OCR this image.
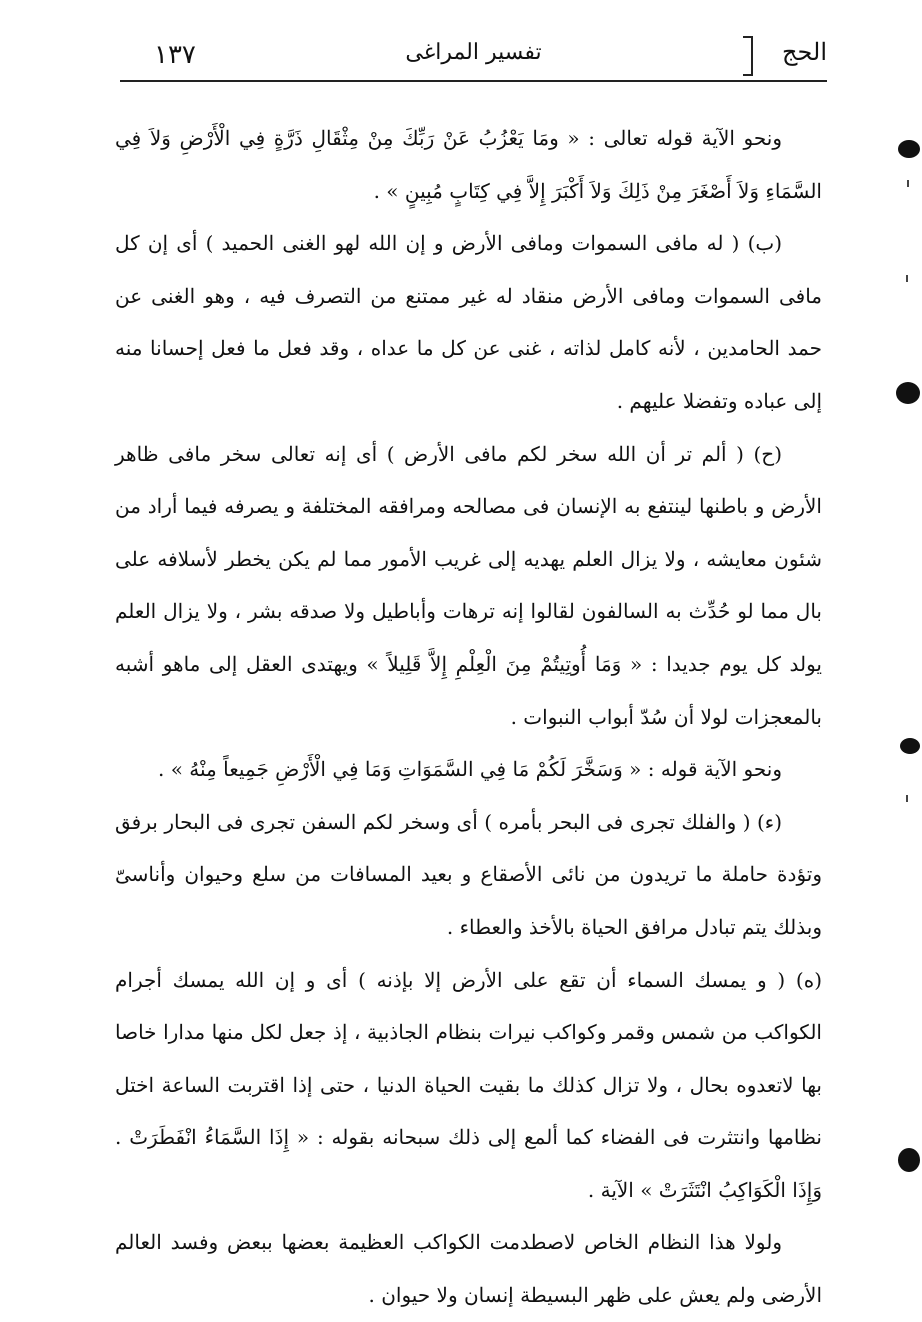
١٣٧	تفسير المراغى	الحج

ونحو الآية قوله تعالى : « ومَا يَعْزُبُ عَنْ رَبِّكَ مِنْ مِثْقَالِ ذَرَّةٍ فِي الْأَرْضِ وَلاَ فِي السَّمَاءِ وَلاَ أَصْغَرَ مِنْ ذَلِكَ وَلاَ أَكْبَرَ إِلاَّ فِي كِتَابٍ مُبِينٍ » .

(ب) ( له مافى السموات ومافى الأرض و إن الله لهو الغنى الحميد ) أى إن كل مافى السموات ومافى الأرض منقاد له غير ممتنع من التصرف فيه ، وهو الغنى عن حمد الحامدين ، لأنه كامل لذاته ، غنى عن كل ما عداه ، وقد فعل ما فعل إحسانا منه إلى عباده وتفضلا عليهم .

(ح) ( ألم تر أن الله سخر لكم مافى الأرض ) أى إنه تعالى سخر مافى ظاهر الأرض و باطنها لينتفع به الإنسان فى مصالحه ومرافقه المختلفة و يصرفه فيما أراد من شئون معايشه ، ولا يزال العلم يهديه إلى غريب الأمور مما لم يكن يخطر لأسلافه على بال مما لو حُدِّث به السالفون لقالوا إنه ترهات وأباطيل ولا صدقه بشر ، ولا يزال العلم يولد كل يوم جديدا : « وَمَا أُوتِيتُمْ مِنَ الْعِلْمِ إِلاَّ قَلِيلاً » ويهتدى العقل إلى ماهو أشبه بالمعجزات لولا أن سُدّ أبواب النبوات .

ونحو الآية قوله : « وَسَخَّرَ لَكُمْ مَا فِي السَّمَوَاتِ وَمَا فِي الْأَرْضِ جَمِيعاً مِنْهُ » .

(ء) ( والفلك تجرى فى البحر بأمره ) أى وسخر لكم السفن تجرى فى البحار برفق وتؤدة حاملة ما تريدون من نائى الأصقاع و بعيد المسافات من سلع وحيوان وأناسىّ وبذلك يتم تبادل مرافق الحياة بالأخذ والعطاء .

(ه) ( و يمسك السماء أن تقع على الأرض إلا بإذنه ) أى و إن الله يمسك أجرام الكواكب من شمس وقمر وكواكب نيرات بنظام الجاذبية ، إذ جعل لكل منها مدارا خاصا بها لاتعدوه بحال ، ولا تزال كذلك ما بقيت الحياة الدنيا ، حتى إذا اقتربت الساعة اختل نظامها وانتثرت فى الفضاء كما ألمع إلى ذلك سبحانه بقوله : « إِذَا السَّمَاءُ انْفَطَرَتْ . وَإِذَا الْكَوَاكِبُ انْتَثَرَتْ » الآية .

ولولا هذا النظام الخاص لاصطدمت الكواكب العظيمة بعضها ببعض وفسد العالم الأرضى ولم يعش على ظهر البسيطة إنسان ولا حيوان .
